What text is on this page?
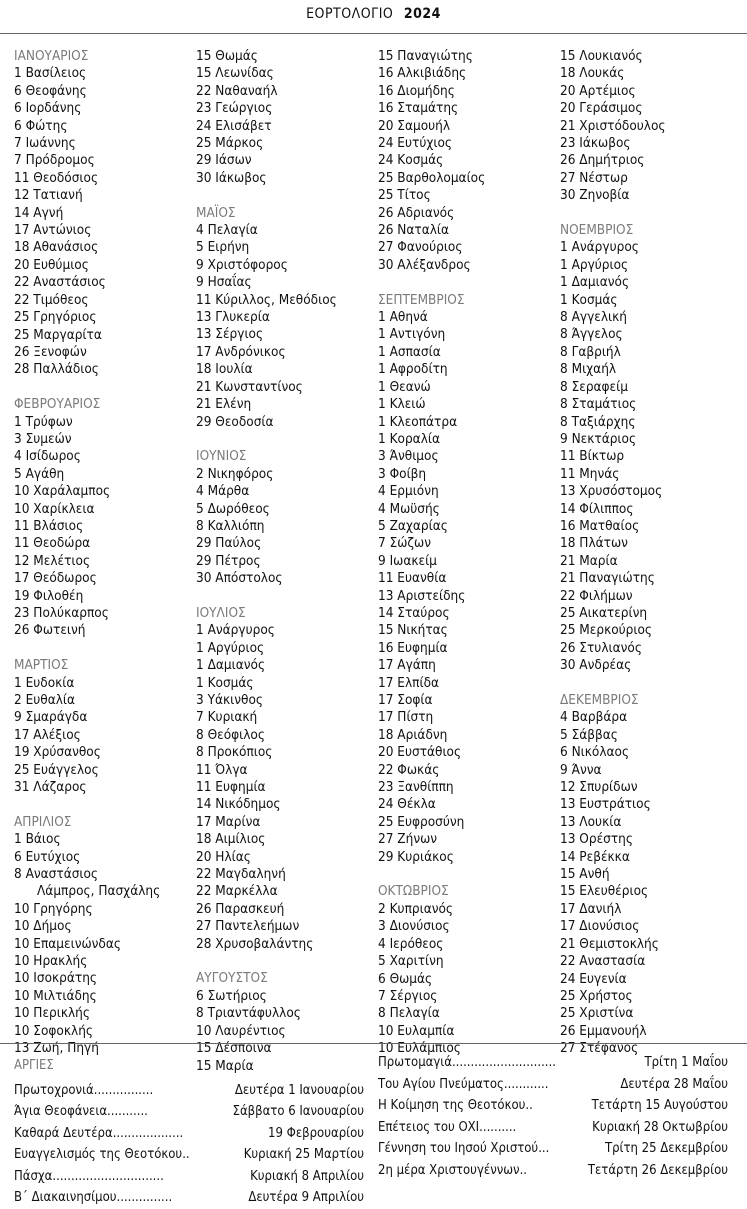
ΕΟΡΤΟΛΟΓΙΟ 2024
ΙΑΝΟΥΑΡΙΟΣ
1 Βασίλειος
6 Θεοφάνης
6 Ιορδάνης
6 Φώτης
7 Ιωάννης
7 Πρόδρομος
11 Θεοδόσιος
12 Τατιανή
14 Αγνή
17 Αντώνιος
18 Αθανάσιος
20 Ευθύμιος
22 Αναστάσιος
22 Τιμόθεος
25 Γρηγόριος
25 Μαργαρίτα
26 Ξενοφών
28 Παλλάδιος
ΦΕΒΡΟΥΑΡΙΟΣ
1 Τρύφων
3 Συμεών
4 Ισίδωρος
5 Αγάθη
10 Χαράλαμπος
10 Χαρίκλεια
11 Βλάσιος
11 Θεοδώρα
12 Μελέτιος
17 Θεόδωρος
19 Φιλοθέη
23 Πολύκαρπος
26 Φωτεινή
ΜΑΡΤΙΟΣ
1 Ευδοκία
2 Ευθαλία
9 Σμαράγδα
17 Αλέξιος
19 Χρύσανθος
25 Ευάγγελος
31 Λάζαρος
ΑΠΡΙΛΙΟΣ
1 Βάιος
6 Ευτύχιος
8 Αναστάσιος
Λάμπρος, Πασχάλης
10 Γρηγόρης
10 Δήμος
10 Επαμεινώνδας
10 Ηρακλής
10 Ισοκράτης
10 Μιλτιάδης
10 Περικλής
10 Σοφοκλής
13 Ζωή, Πηγή
15 Θωμάς
15 Λεωνίδας
22 Ναθαναήλ
23 Γεώργιος
24 Ελισάβετ
25 Μάρκος
29 Ιάσων
30 Ιάκωβος
ΜΑΪΟΣ
4 Πελαγία
5 Ειρήνη
9 Χριστόφορος
9 Ησαΐας
11 Κύριλλος, Μεθόδιος
13 Γλυκερία
13 Σέργιος
17 Ανδρόνικος
18 Ιουλία
21 Κωνσταντίνος
21 Ελένη
29 Θεοδοσία
ΙΟΥΝΙΟΣ
2 Νικηφόρος
4 Μάρθα
5 Δωρόθεος
8 Καλλιόπη
29 Παύλος
29 Πέτρος
30 Απόστολος
ΙΟΥΛΙΟΣ
1 Ανάργυρος
1 Αργύριος
1 Δαμιανός
1 Κοσμάς
3 Υάκινθος
7 Κυριακή
8 Θεόφιλος
8 Προκόπιος
11 Όλγα
11 Ευφημία
14 Νικόδημος
17 Μαρίνα
18 Αιμίλιος
20 Ηλίας
22 Μαγδαληνή
22 Μαρκέλλα
26 Παρασκευή
27 Παντελεήμων
28 Χρυσοβαλάντης
ΑΥΓΟΥΣΤΟΣ
6 Σωτήριος
8 Τριαντάφυλλος
10 Λαυρέντιος
15 Δέσποινα
15 Μαρία
15 Παναγιώτης
16 Αλκιβιάδης
16 Διομήδης
16 Σταμάτης
20 Σαμουήλ
24 Ευτύχιος
24 Κοσμάς
25 Βαρθολομαίος
25 Τίτος
26 Αδριανός
26 Ναταλία
27 Φανούριος
30 Αλέξανδρος
ΣΕΠΤΕΜΒΡΙΟΣ
1 Αθηνά
1 Αντιγόνη
1 Ασπασία
1 Αφροδίτη
1 Θεανώ
1 Κλειώ
1 Κλεοπάτρα
1 Κοραλία
3 Άνθιμος
3 Φοίβη
4 Ερμιόνη
4 Μωϋσής
5 Ζαχαρίας
7 Σώζων
9 Ιωακείμ
11 Ευανθία
13 Αριστείδης
14 Σταύρος
15 Νικήτας
16 Ευφημία
17 Αγάπη
17 Ελπίδα
17 Σοφία
17 Πίστη
18 Αριάδνη
20 Ευστάθιος
22 Φωκάς
23 Ξανθίππη
24 Θέκλα
25 Ευφροσύνη
27 Ζήνων
29 Κυριάκος
ΟΚΤΩΒΡΙΟΣ
2 Κυπριανός
3 Διονύσιος
4 Ιερόθεος
5 Χαριτίνη
6 Θωμάς
7 Σέργιος
8 Πελαγία
10 Ευλαμπία
10 Ευλάμπιος
15 Λουκιανός
18 Λουκάς
20 Αρτέμιος
20 Γεράσιμος
21 Χριστόδουλος
23 Ιάκωβος
26 Δημήτριος
27 Νέστωρ
30 Ζηνοβία
ΝΟΕΜΒΡΙΟΣ
1 Ανάργυρος
1 Αργύριος
1 Δαμιανός
1 Κοσμάς
8 Αγγελική
8 Άγγελος
8 Γαβριήλ
8 Μιχαήλ
8 Σεραφείμ
8 Σταμάτιος
8 Ταξιάρχης
9 Νεκτάριος
11 Βίκτωρ
11 Μηνάς
13 Χρυσόστομος
14 Φίλιππος
16 Ματθαίος
18 Πλάτων
21 Μαρία
21 Παναγιώτης
22 Φιλήμων
25 Αικατερίνη
25 Μερκούριος
26 Στυλιανός
30 Ανδρέας
ΔΕΚΕΜΒΡΙΟΣ
4 Βαρβάρα
5 Σάββας
6 Νικόλαος
9 Άννα
12 Σπυρίδων
13 Ευστράτιος
13 Λουκία
13 Ορέστης
14 Ρεβέκκα
15 Ανθή
15 Ελευθέριος
17 Δανιήλ
17 Διονύσιος
21 Θεμιστοκλής
22 Αναστασία
24 Ευγενία
25 Χρήστος
25 Χριστίνα
26 Εμμανουήλ
27 Στέφανος
ΑΡΓΙΕΣ
Πρωτοχρονιά ................	Δευτέρα 1 Ιανουαρίου
Άγια Θεοφάνεια ...........	Σάββατο 6 Ιανουαρίου
Καθαρά Δευτέρα ...................	19 Φεβρουαρίου
Ευαγγελισμός της Θεοτόκου ..	Κυριακή 25 Μαρτίου
Πάσχα ..............................	Κυριακή 8 Απριλίου
Β΄ Διακαινησίμου ...............	Δευτέρα 9 Απριλίου
Πρωτομαγιά ............................	Τρίτη 1 Μαΐου
Του Αγίου Πνεύματος ............	Δευτέρα 28 Μαΐου
Η Κοίμηση της Θεοτόκου ..	Τετάρτη 15 Αυγούστου
Επέτειος του ΟΧΙ ..........	Κυριακή 28 Οκτωβρίου
Γέννηση του Ιησού Χριστού ...	Τρίτη 25 Δεκεμβρίου
2η μέρα Χριστουγέννων ..	Τετάρτη 26 Δεκεμβρίου
